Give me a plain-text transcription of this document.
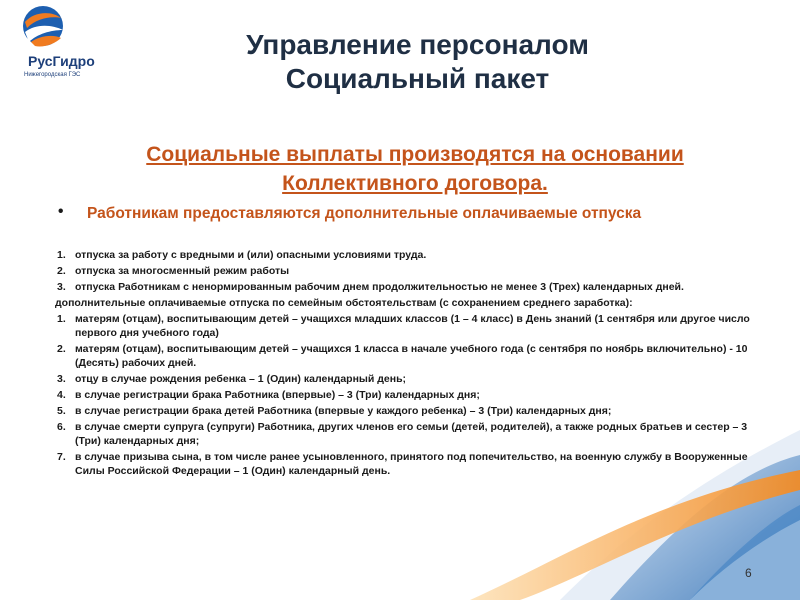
РусГидро
Нижегородская ГЭС
Управление персоналом
Социальный пакет
Социальные выплаты производятся на основании
Коллективного договора.
• Работникам предоставляются дополнительные оплачиваемые отпуска
1. отпуска за работу с вредными и (или) опасными условиями труда.
2. отпуска за многосменный режим работы
3. отпуска Работникам с ненормированным рабочим днем продолжительностью не менее 3 (Трех) календарных дней.
дополнительные оплачиваемые отпуска по семейным обстоятельствам (с сохранением среднего заработка):
1. матерям (отцам), воспитывающим детей – учащихся младших классов (1 – 4 класс) в День знаний (1 сентября или другое число первого дня учебного года)
2. матерям (отцам), воспитывающим детей – учащихся 1 класса в начале учебного года (с сентября по ноябрь включительно) - 10 (Десять) рабочих дней.
3. отцу в случае рождения ребенка – 1 (Один) календарный день;
4. в случае регистрации брака Работника (впервые) – 3 (Три) календарных дня;
5. в случае регистрации брака детей Работника (впервые у каждого ребенка) – 3 (Три) календарных дня;
6. в случае смерти супруга (супруги) Работника, других членов его семьи (детей, родителей), а также родных братьев и сестер – 3 (Три) календарных дня;
7. в случае призыва сына, в том числе ранее усыновленного, принятого под попечительство, на военную службу в Вооруженные Силы Российской Федерации – 1 (Один) календарный день.
6
